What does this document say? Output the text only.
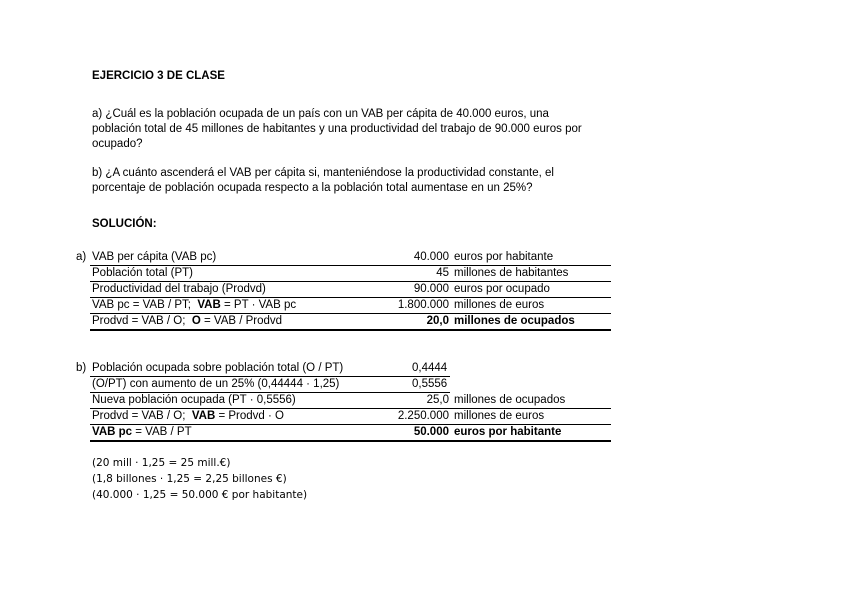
EJERCICIO 3 DE CLASE
a) ¿Cuál es la población ocupada de un país con un VAB per cápita de 40.000 euros, una población total de 45 millones de habitantes y una productividad del trabajo de 90.000 euros por ocupado?
b) ¿A cuánto ascenderá el VAB per cápita si, manteniéndose la productividad constante, el porcentaje de población ocupada respecto a la población total aumentase en un 25%?
SOLUCIÓN:
a) VAB per cápita (VAB pc)	40.000 euros por habitante
Población total (PT)	45 millones de habitantes
Productividad del trabajo (Prodvd)	90.000 euros por ocupado
VAB pc = VAB / PT;  VAB = PT · VAB pc	1.800.000 millones de euros
Prodvd = VAB / O;  O = VAB / Prodvd	20,0 millones de ocupados
b) Población ocupada sobre población total (O / PT)	0,4444
(O/PT) con aumento de un 25% (0,44444 · 1,25)	0,5556
Nueva población ocupada (PT · 0,5556)	25,0 millones de ocupados
Prodvd = VAB / O;  VAB = Prodvd · O	2.250.000 millones de euros
VAB pc = VAB / PT	50.000 euros por habitante
(20 mill · 1,25 = 25 mill.€)
(1,8 billones · 1,25 = 2,25 billones €)
(40.000 · 1,25 = 50.000 € por habitante)
